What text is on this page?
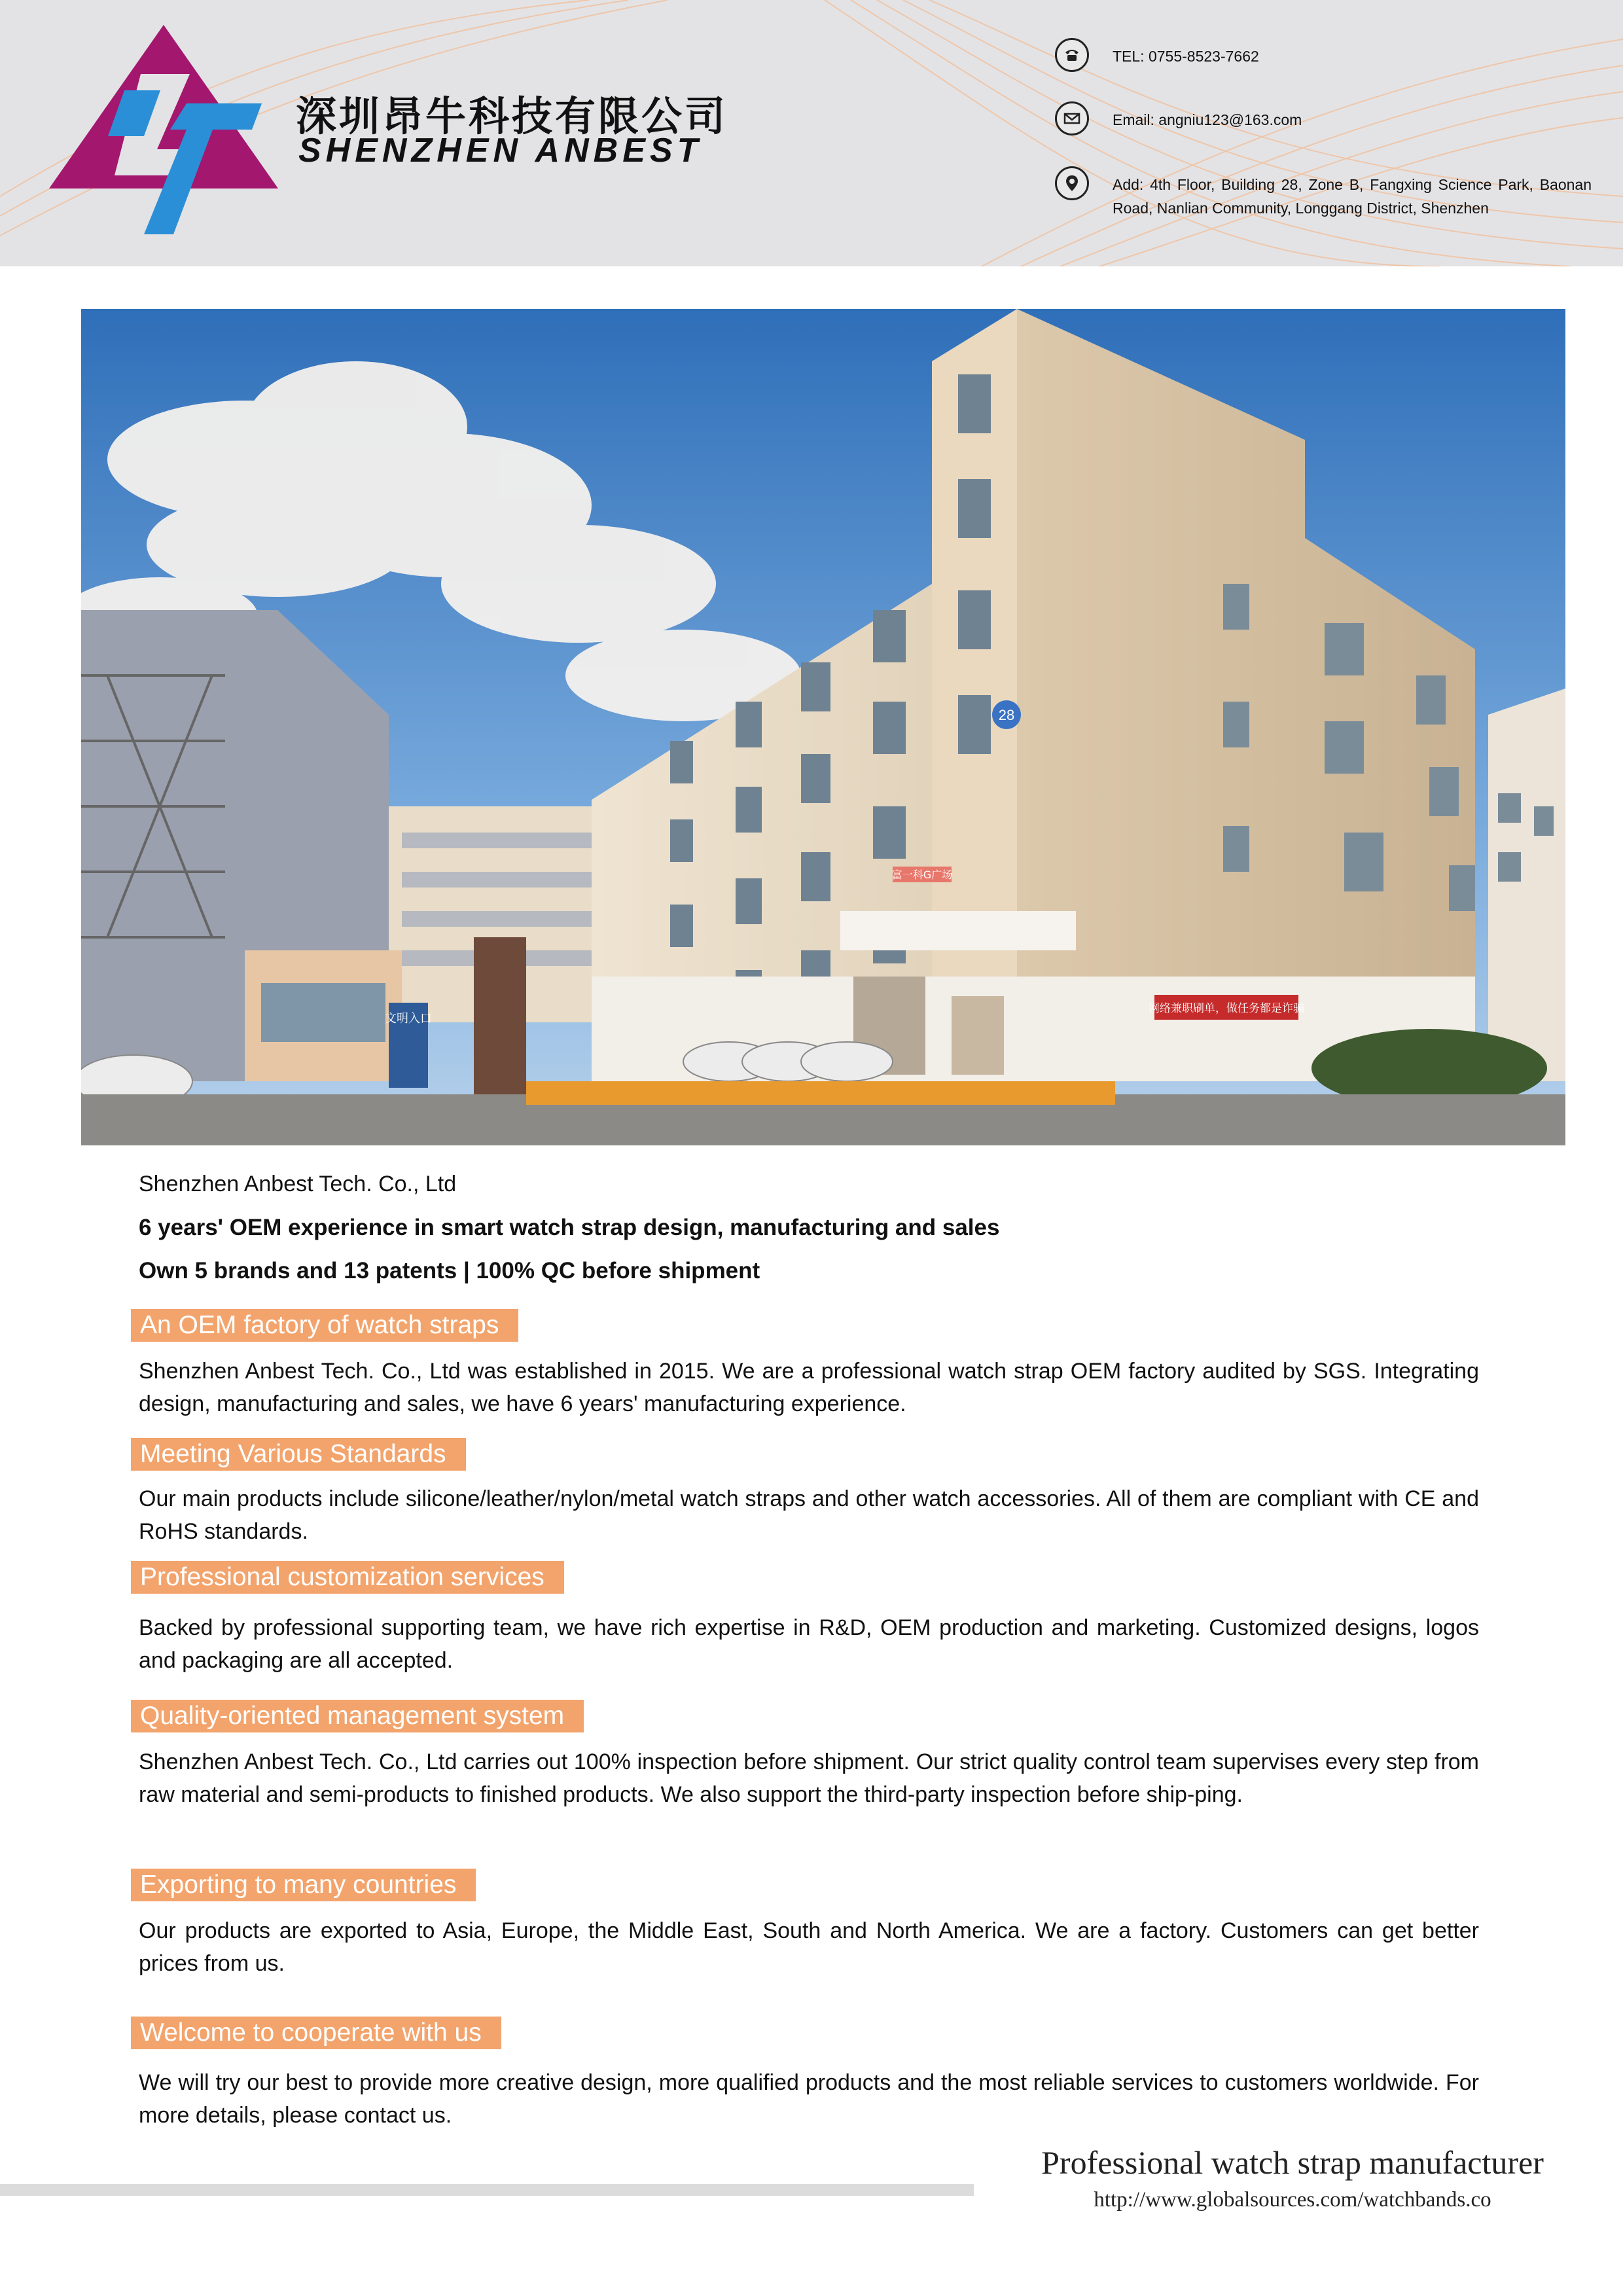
深圳昂牛科技有限公司
SHENZHEN ANBEST
TEL: 0755-8523-7662
Email: angniu123@163.com
Add: 4th Floor, Building 28, Zone B, Fangxing Science Park, Baonan Road, Nanlian Community, Longgang District, Shenzhen
28
富一科G广场
网络兼职刷单，做任务都是诈骗
文明入口
Shenzhen Anbest Tech. Co., Ltd
6 years' OEM experience in smart watch strap design, manufacturing and sales
Own 5 brands and 13 patents | 100% QC before shipment
An OEM factory of watch straps
Shenzhen Anbest Tech. Co., Ltd was established in 2015. We are a professional watch strap OEM factory audited by SGS. Integrating design, manufacturing and sales, we have 6 years' manufacturing experience.
Meeting Various Standards
Our main products include silicone/leather/nylon/metal watch straps and other watch accessories. All of them are compliant with CE and RoHS standards.
Professional customization services
Backed by professional supporting team, we have rich expertise in R&D, OEM production and marketing. Customized designs, logos and packaging are all accepted.
Quality-oriented management system
Shenzhen Anbest Tech. Co., Ltd carries out 100% inspection before shipment. Our strict quality control team supervises every step from raw material and semi-products to finished products. We also support the third-party inspection before ship-ping.
Exporting to many countries
Our products are exported to Asia, Europe, the Middle East, South and North America. We are a factory. Customers can get better prices from us.
Welcome to cooperate with us
We will try our best to provide more creative design, more qualified products and the most reliable services to customers worldwide. For more details, please contact us.
Professional watch strap manufacturer
http://www.globalsources.com/watchbands.co
